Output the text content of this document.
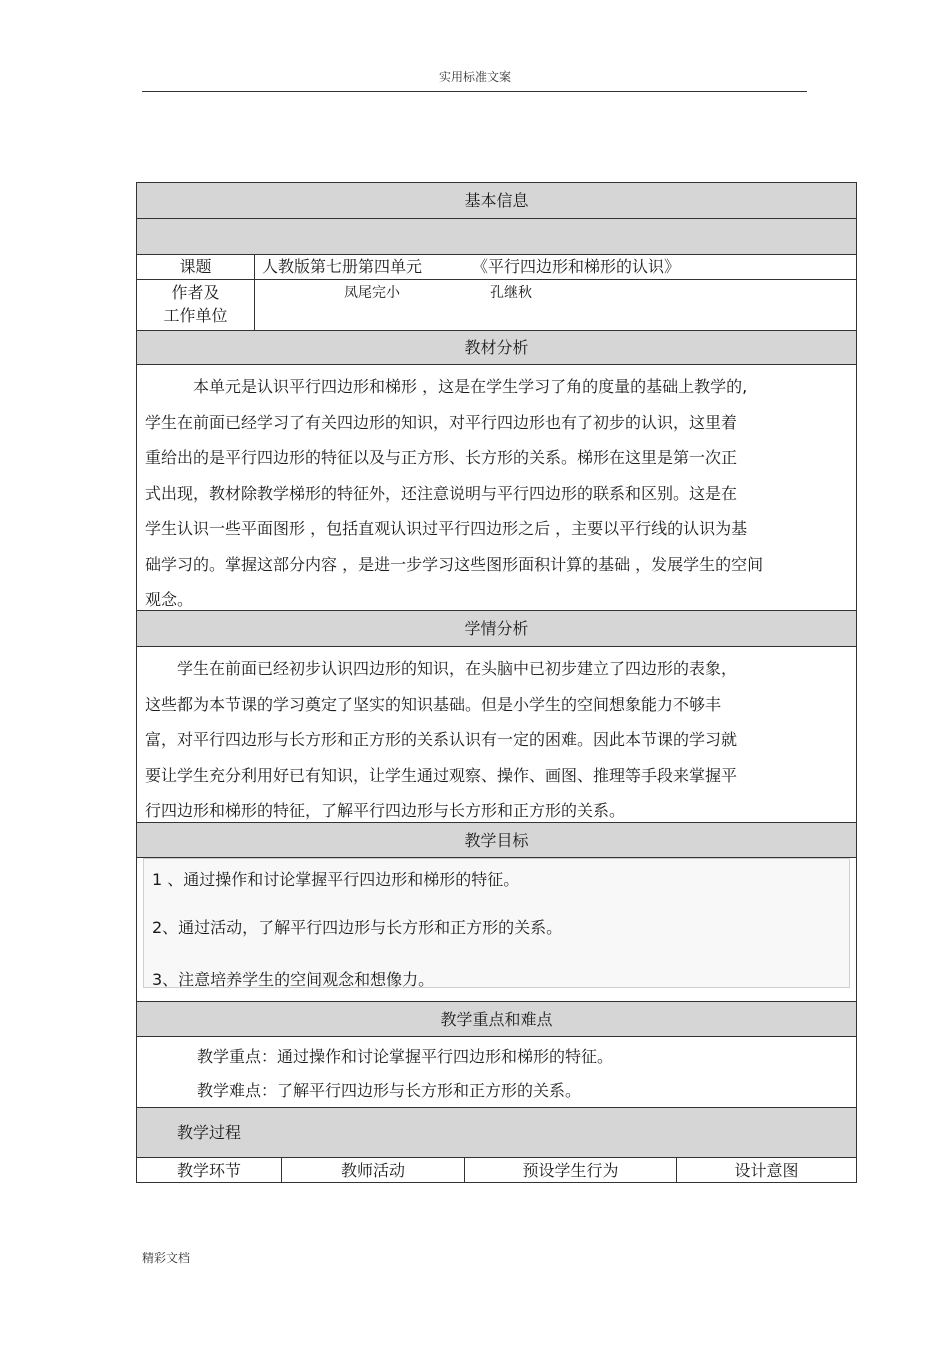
实用标准文案
基本信息
课题	人教版第七册第四单元	《平行四边形和梯形的认识》
作者及
工作单位
凤尾完小	孔继秋
教材分析
本单元是认识平行四边形和梯形 ，这是在学生学习了角的度量的基础上教学的,
学生在前面已经学习了有关四边形的知识，对平行四边形也有了初步的认识，这里着
重给出的是平行四边形的特征以及与正方形、长方形的关系。梯形在这里是第一次正
式出现，教材除教学梯形的特征外，还注意说明与平行四边形的联系和区别。这是在
学生认识一些平面图形 ，包括直观认识过平行四边形之后 ，主要以平行线的认识为基
础学习的。掌握这部分内容 ，是进一步学习这些图形面积计算的基础 ，发展学生的空间
观念。
学情分析
学生在前面已经初步认识四边形的知识，在头脑中已初步建立了四边形的表象，
这些都为本节课的学习奠定了坚实的知识基础。但是小学生的空间想象能力不够丰
富，对平行四边形与长方形和正方形的关系认识有一定的困难。因此本节课的学习就
要让学生充分利用好已有知识，让学生通过观察、操作、画图、推理等手段来掌握平
行四边形和梯形的特征，了解平行四边形与长方形和正方形的关系。
教学目标
1 、通过操作和讨论掌握平行四边形和梯形的特征。
2、通过活动，了解平行四边形与长方形和正方形的关系。
3、注意培养学生的空间观念和想像力。
教学重点和难点
教学重点：通过操作和讨论掌握平行四边形和梯形的特征。
教学难点：了解平行四边形与长方形和正方形的关系。
教学过程
教学环节	教师活动	预设学生行为	设计意图
精彩文档
